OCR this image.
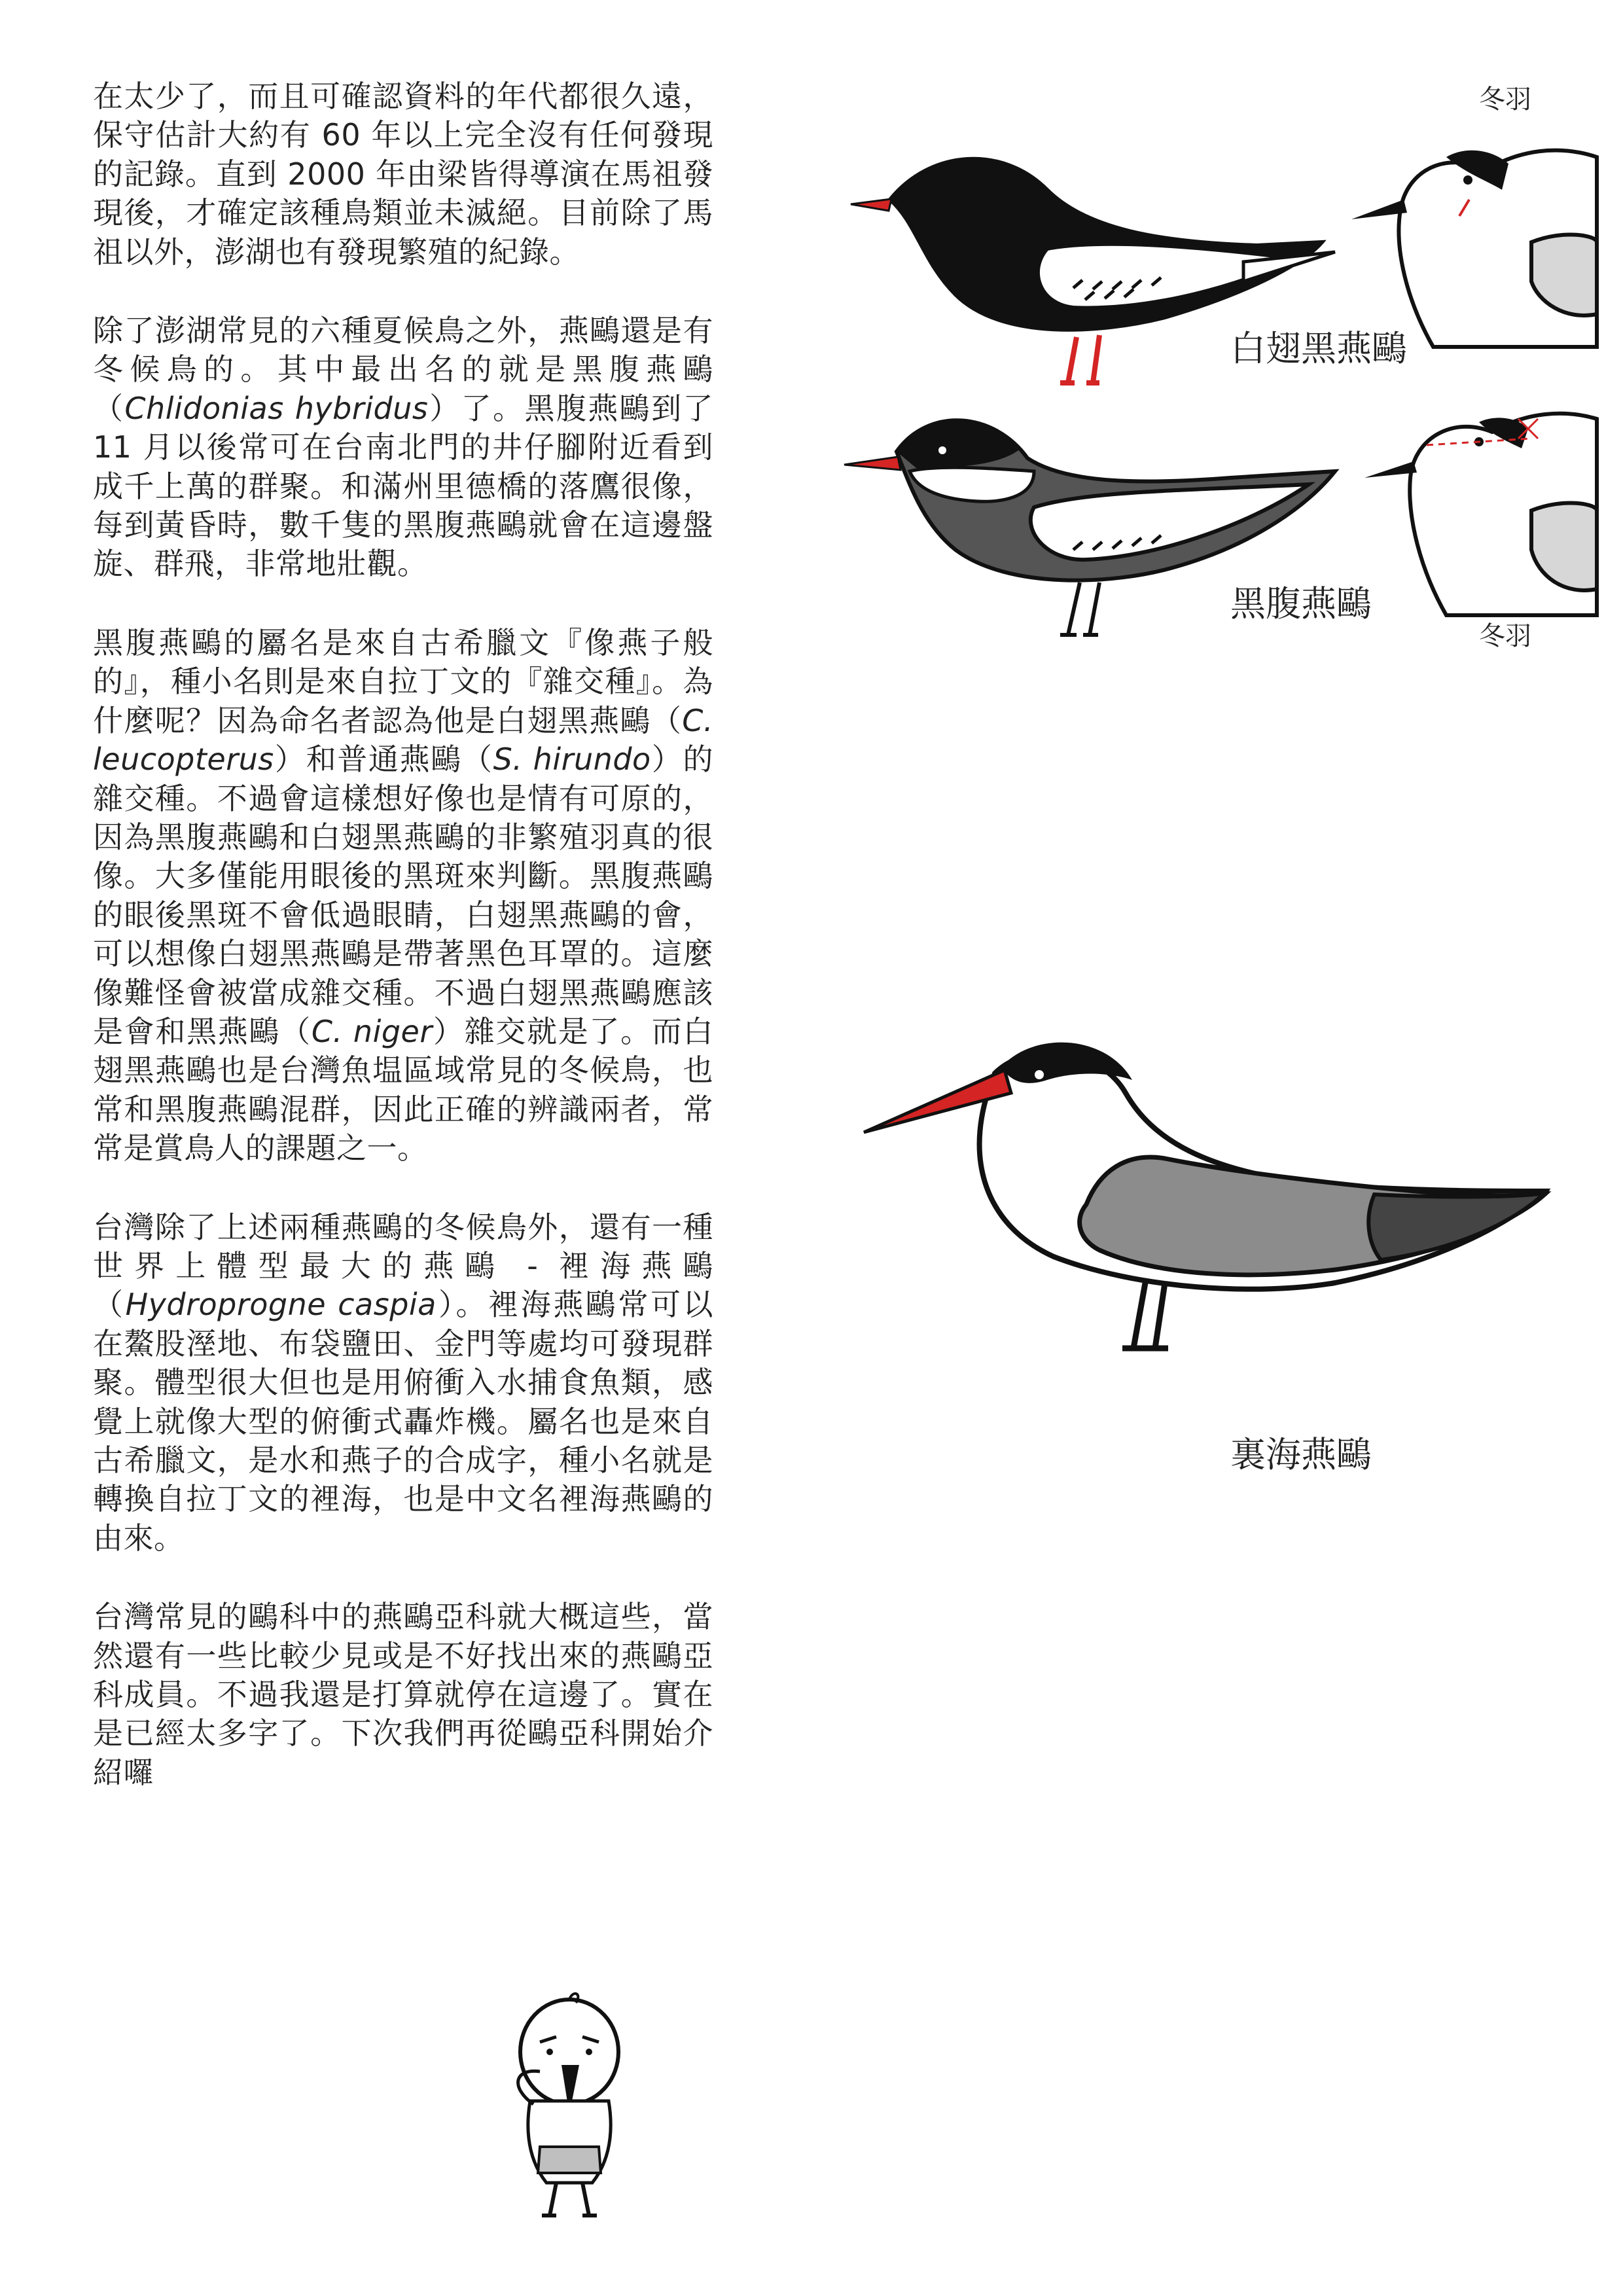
在太少了，而且可確認資料的年代都很久遠，保守估計大約有 60 年以上完全沒有任何發現的記錄。直到 2000 年由梁皆得導演在馬祖發現後，才確定該種鳥類並未滅絕。目前除了馬祖以外，澎湖也有發現繁殖的紀錄。

除了澎湖常見的六種夏候鳥之外，燕鷗還是有冬候鳥的。其中最出名的就是黑腹燕鷗（Chlidonias hybridus）了。黑腹燕鷗到了 11 月以後常可在台南北門的井仔腳附近看到成千上萬的群聚。和滿州里德橋的落鷹很像，每到黃昏時，數千隻的黑腹燕鷗就會在這邊盤旋、群飛，非常地壯觀。

黑腹燕鷗的屬名是來自古希臘文『像燕子般的』，種小名則是來自拉丁文的『雜交種』。為什麼呢？因為命名者認為他是白翅黑燕鷗（C. leucopterus）和普通燕鷗（S. hirundo）的雜交種。不過會這樣想好像也是情有可原的，因為黑腹燕鷗和白翅黑燕鷗的非繁殖羽真的很像。大多僅能用眼後的黑斑來判斷。黑腹燕鷗的眼後黑斑不會低過眼睛，白翅黑燕鷗的會，可以想像白翅黑燕鷗是帶著黑色耳罩的。這麼像難怪會被當成雜交種。不過白翅黑燕鷗應該是會和黑燕鷗（C. niger）雜交就是了。而白翅黑燕鷗也是台灣魚塭區域常見的冬候鳥，也常和黑腹燕鷗混群，因此正確的辨識兩者，常常是賞鳥人的課題之一。

台灣除了上述兩種燕鷗的冬候鳥外，還有一種世界上體型最大的燕鷗 - 裡海燕鷗（Hydroprogne caspia）。裡海燕鷗常可以在鰲股溼地、布袋鹽田、金門等處均可發現群聚。體型很大但也是用俯衝入水捕食魚類，感覺上就像大型的俯衝式轟炸機。屬名也是來自古希臘文，是水和燕子的合成字，種小名就是轉換自拉丁文的裡海，也是中文名裡海燕鷗的由來。

台灣常見的鷗科中的燕鷗亞科就大概這些，當然還有一些比較少見或是不好找出來的燕鷗亞科成員。不過我還是打算就停在這邊了。實在是已經太多字了。下次我們再從鷗亞科開始介紹囉

白翅黑燕鷗
冬羽
黑腹燕鷗
冬羽
裏海燕鷗
